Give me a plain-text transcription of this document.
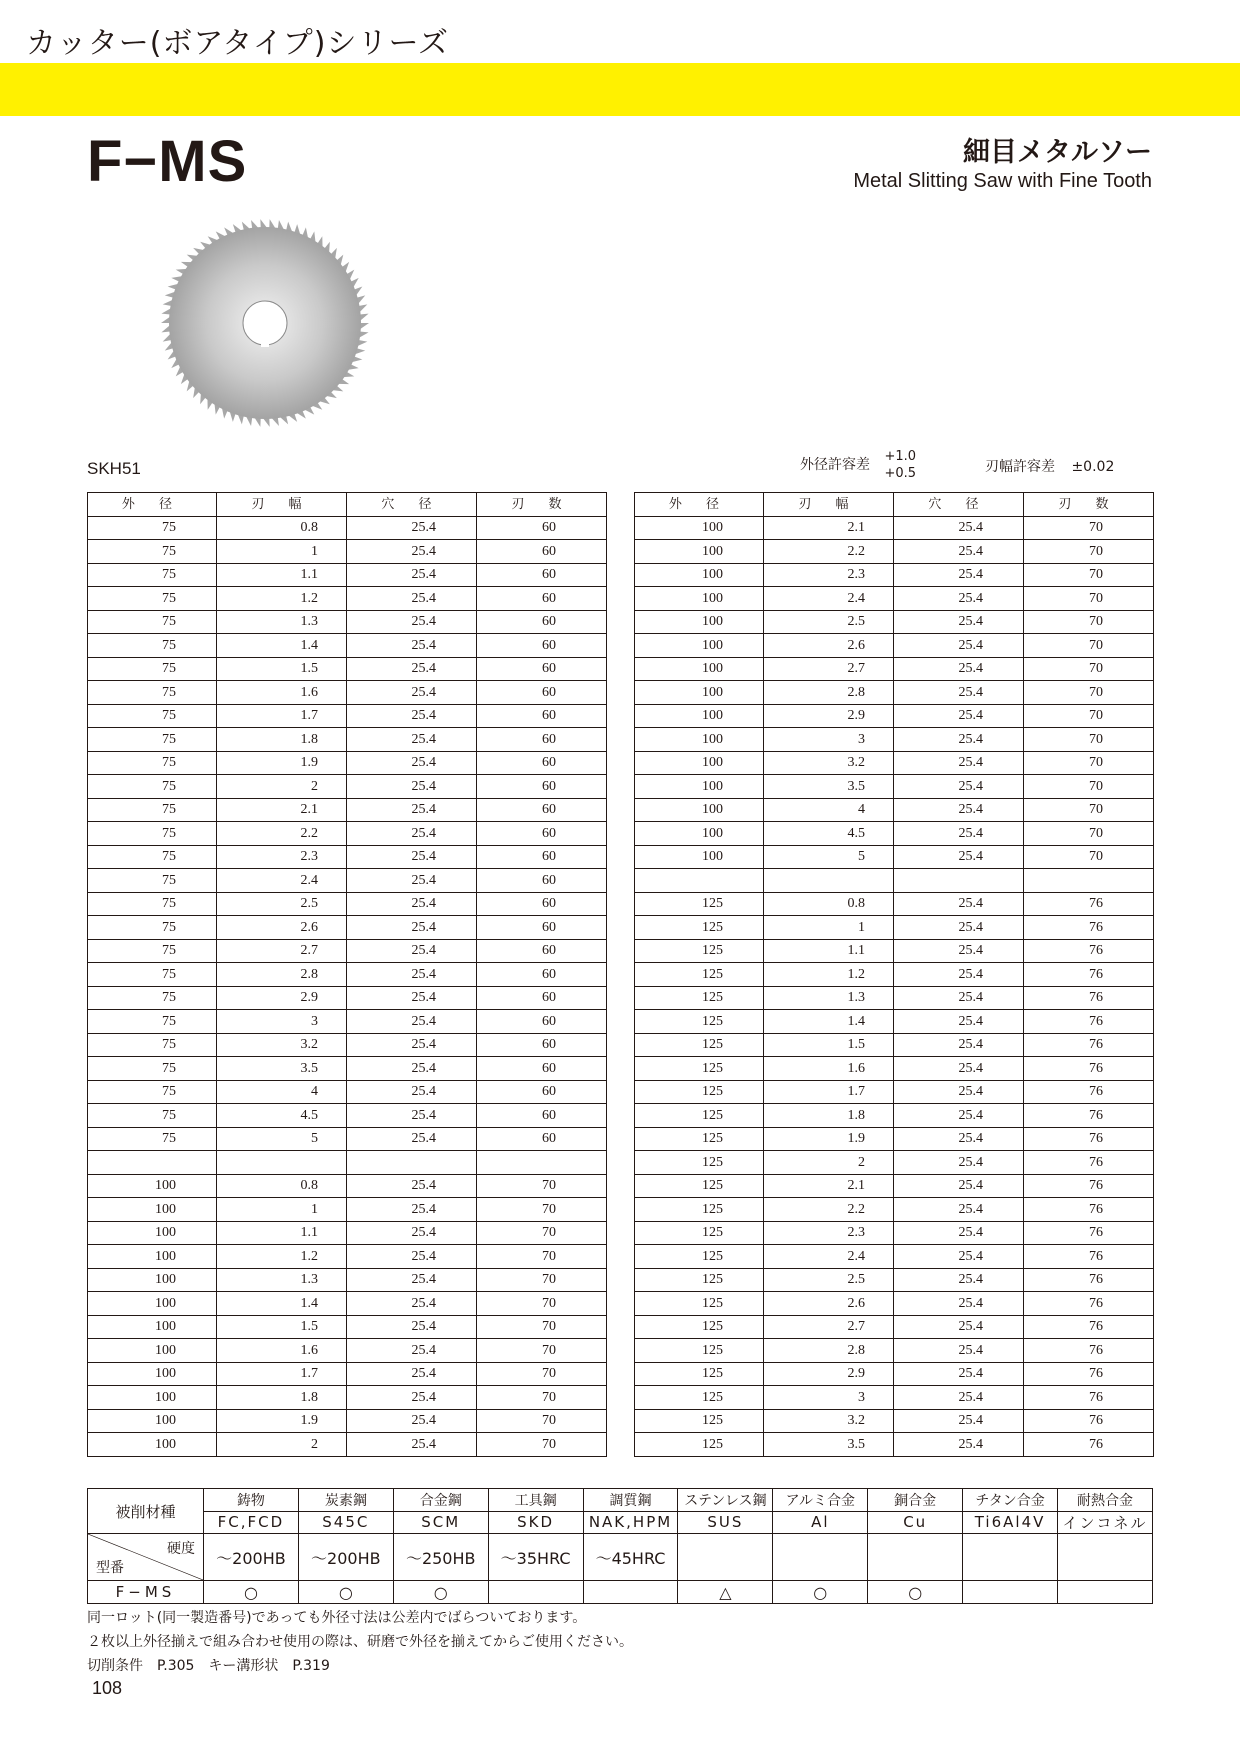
カッター(ボアタイプ)シリーズ
F−MS	細目メタルソー
Metal Slitting Saw with Fine Tooth
SKH51	外径許容差 +1.0
+0.5	刃幅許容差 ±0.02
外 径	刃 幅	穴 径	刃 数
75	0.8	25.4	60
75	1	25.4	60
75	1.1	25.4	60
75	1.2	25.4	60
75	1.3	25.4	60
75	1.4	25.4	60
75	1.5	25.4	60
75	1.6	25.4	60
75	1.7	25.4	60
75	1.8	25.4	60
75	1.9	25.4	60
75	2	25.4	60
75	2.1	25.4	60
75	2.2	25.4	60
75	2.3	25.4	60
75	2.4	25.4	60
75	2.5	25.4	60
75	2.6	25.4	60
75	2.7	25.4	60
75	2.8	25.4	60
75	2.9	25.4	60
75	3	25.4	60
75	3.2	25.4	60
75	3.5	25.4	60
75	4	25.4	60
75	4.5	25.4	60
75	5	25.4	60

100	0.8	25.4	70
100	1	25.4	70
100	1.1	25.4	70
100	1.2	25.4	70
100	1.3	25.4	70
100	1.4	25.4	70
100	1.5	25.4	70
100	1.6	25.4	70
100	1.7	25.4	70
100	1.8	25.4	70
100	1.9	25.4	70
100	2	25.4	70
外 径	刃 幅	穴 径	刃 数
100	2.1	25.4	70
100	2.2	25.4	70
100	2.3	25.4	70
100	2.4	25.4	70
100	2.5	25.4	70
100	2.6	25.4	70
100	2.7	25.4	70
100	2.8	25.4	70
100	2.9	25.4	70
100	3	25.4	70
100	3.2	25.4	70
100	3.5	25.4	70
100	4	25.4	70
100	4.5	25.4	70
100	5	25.4	70

125	0.8	25.4	76
125	1	25.4	76
125	1.1	25.4	76
125	1.2	25.4	76
125	1.3	25.4	76
125	1.4	25.4	76
125	1.5	25.4	76
125	1.6	25.4	76
125	1.7	25.4	76
125	1.8	25.4	76
125	1.9	25.4	76
125	2	25.4	76
125	2.1	25.4	76
125	2.2	25.4	76
125	2.3	25.4	76
125	2.4	25.4	76
125	2.5	25.4	76
125	2.6	25.4	76
125	2.7	25.4	76
125	2.8	25.4	76
125	2.9	25.4	76
125	3	25.4	76
125	3.2	25.4	76
125	3.5	25.4	76
被削材種	鋳物	炭素鋼	合金鋼	工具鋼	調質鋼	ステンレス鋼	アルミ合金	銅合金	チタン合金	耐熱合金
	FC,FCD	S45C	SCM	SKD	NAK,HPM	SUS	Al	Cu	Ti6Al4V	インコネル

硬度
型番	～200HB	～200HB	～250HB	～35HRC	～45HRC					
F−MS	○	○	○			△	○	○		
同一ロット(同一製造番号)であっても外径寸法は公差内でばらついております。
２枚以上外径揃えで組み合わせ使用の際は、研磨で外径を揃えてからご使用ください。
切削条件　P.305　キー溝形状　P.319
108
